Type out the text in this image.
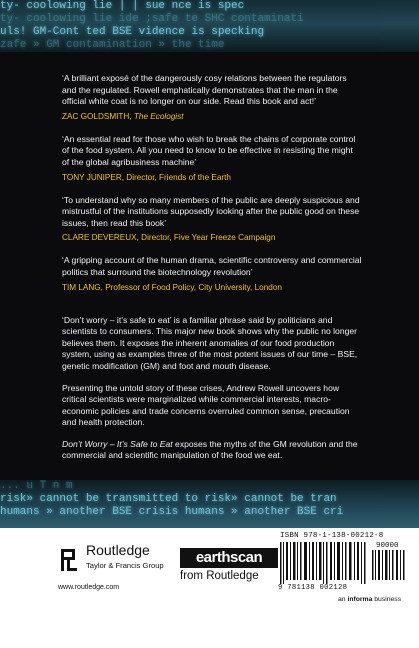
ty- coolowing lie | | sue nce is spec
ty- coolowing lie ide ;safe te SHC contaminati
uls! GM-Cont ted BSE vidence is specking
zafe » GM contamination » the time

‘A brilliant exposé of the dangerously cosy relations between the regulators and the regulated. Rowell emphatically demonstrates that the man in the official white coat is no longer on our side. Read this book and act!’

ZAC GOLDSMITH, The Ecologist

‘An essential read for those who wish to break the chains of corporate control of the food system. All you need to know to be effective in resisting the might of the global agribusiness machine’

TONY JUNIPER, Director, Friends of the Earth

‘To understand why so many members of the public are deeply suspicious and mistrustful of the institutions supposedly looking after the public good on these issues, then read this book’

CLARE DEVEREUX, Director, Five Year Freeze Campaign

‘A gripping account of the human drama, scientific controversy and commercial politics that surround the biotechnology revolution’

TIM LANG, Professor of Food Policy, City University, London

‘Don’t worry – it’s safe to eat’ is a familiar phrase said by politicians and scientists to consumers. This major new book shows why the public no longer believes them. It exposes the inherent anomalies of our food production system, using as examples three of the most potent issues of our time – BSE, genetic modification (GM) and foot and mouth disease.

Presenting the untold story of these crises, Andrew Rowell uncovers how critical scientists were marginalized while commercial interests, macro-economic policies and trade concerns overruled common sense, precaution and health protection.

Don’t Worry – It’s Safe to Eat exposes the myths of the GM revolution and the commercial and scientific manipulation of the food we eat.

... u T n m
risk» cannot be transmitted to risk» cannot be tran
humans » another BSE crisis humans » another BSE cri
Routledge
Taylor & Francis Group
www.routledge.com
earthscan
from Routledge
ISBN 978-1-138-00212-8
90000
9 781138 002128
an informa business
